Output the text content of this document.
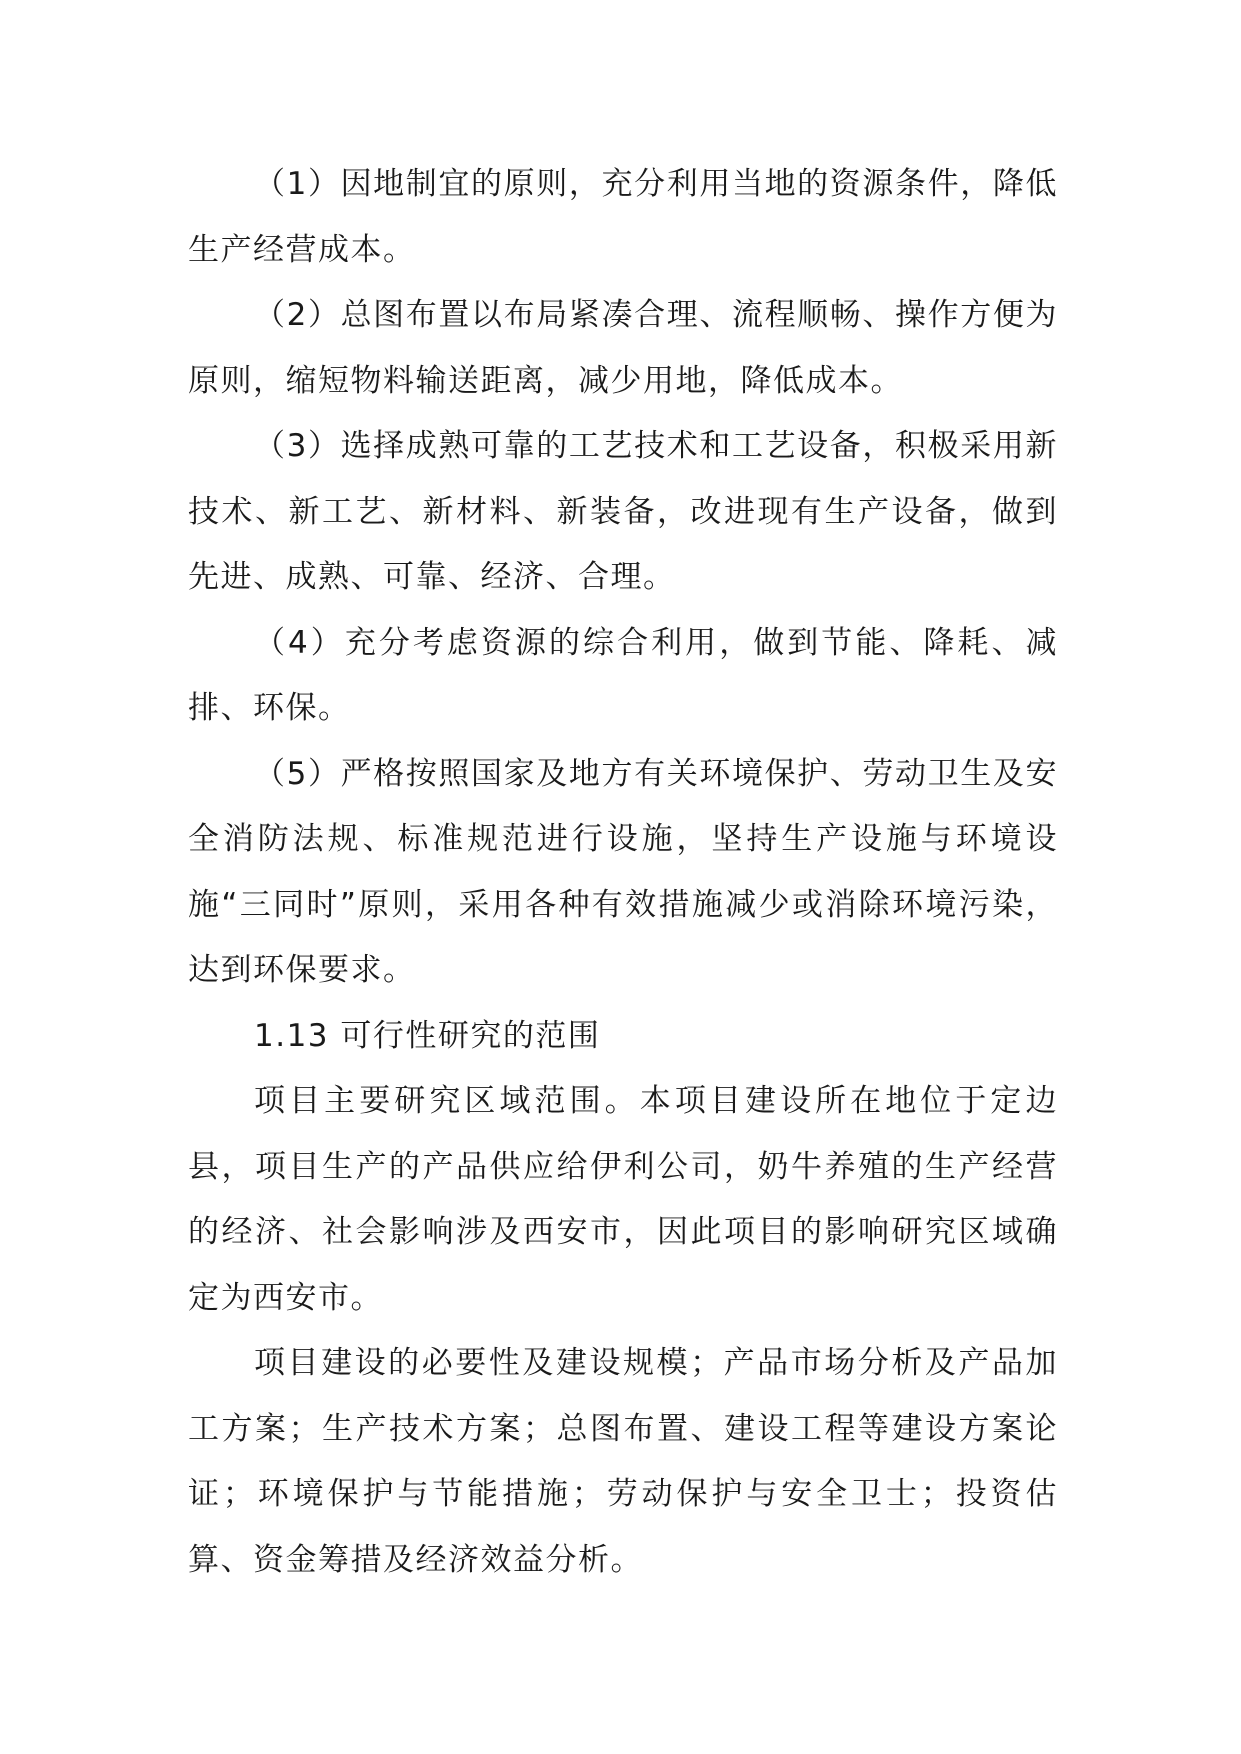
（1）因地制宜的原则，充分利用当地的资源条件，降低生产经营成本。

（2）总图布置以布局紧凑合理、流程顺畅、操作方便为原则，缩短物料输送距离，减少用地，降低成本。

（3）选择成熟可靠的工艺技术和工艺设备，积极采用新技术、新工艺、新材料、新装备，改进现有生产设备，做到先进、成熟、可靠、经济、合理。

（4）充分考虑资源的综合利用，做到节能、降耗、减排、环保。

（5）严格按照国家及地方有关环境保护、劳动卫生及安全消防法规、标准规范进行设施，坚持生产设施与环境设施“三同时”原则，采用各种有效措施减少或消除环境污染，达到环保要求。

1.13 可行性研究的范围

项目主要研究区域范围。本项目建设所在地位于定边县，项目生产的产品供应给伊利公司，奶牛养殖的生产经营的经济、社会影响涉及西安市，因此项目的影响研究区域确定为西安市。

项目建设的必要性及建设规模；产品市场分析及产品加工方案；生产技术方案；总图布置、建设工程等建设方案论证；环境保护与节能措施；劳动保护与安全卫士；投资估算、资金筹措及经济效益分析。
